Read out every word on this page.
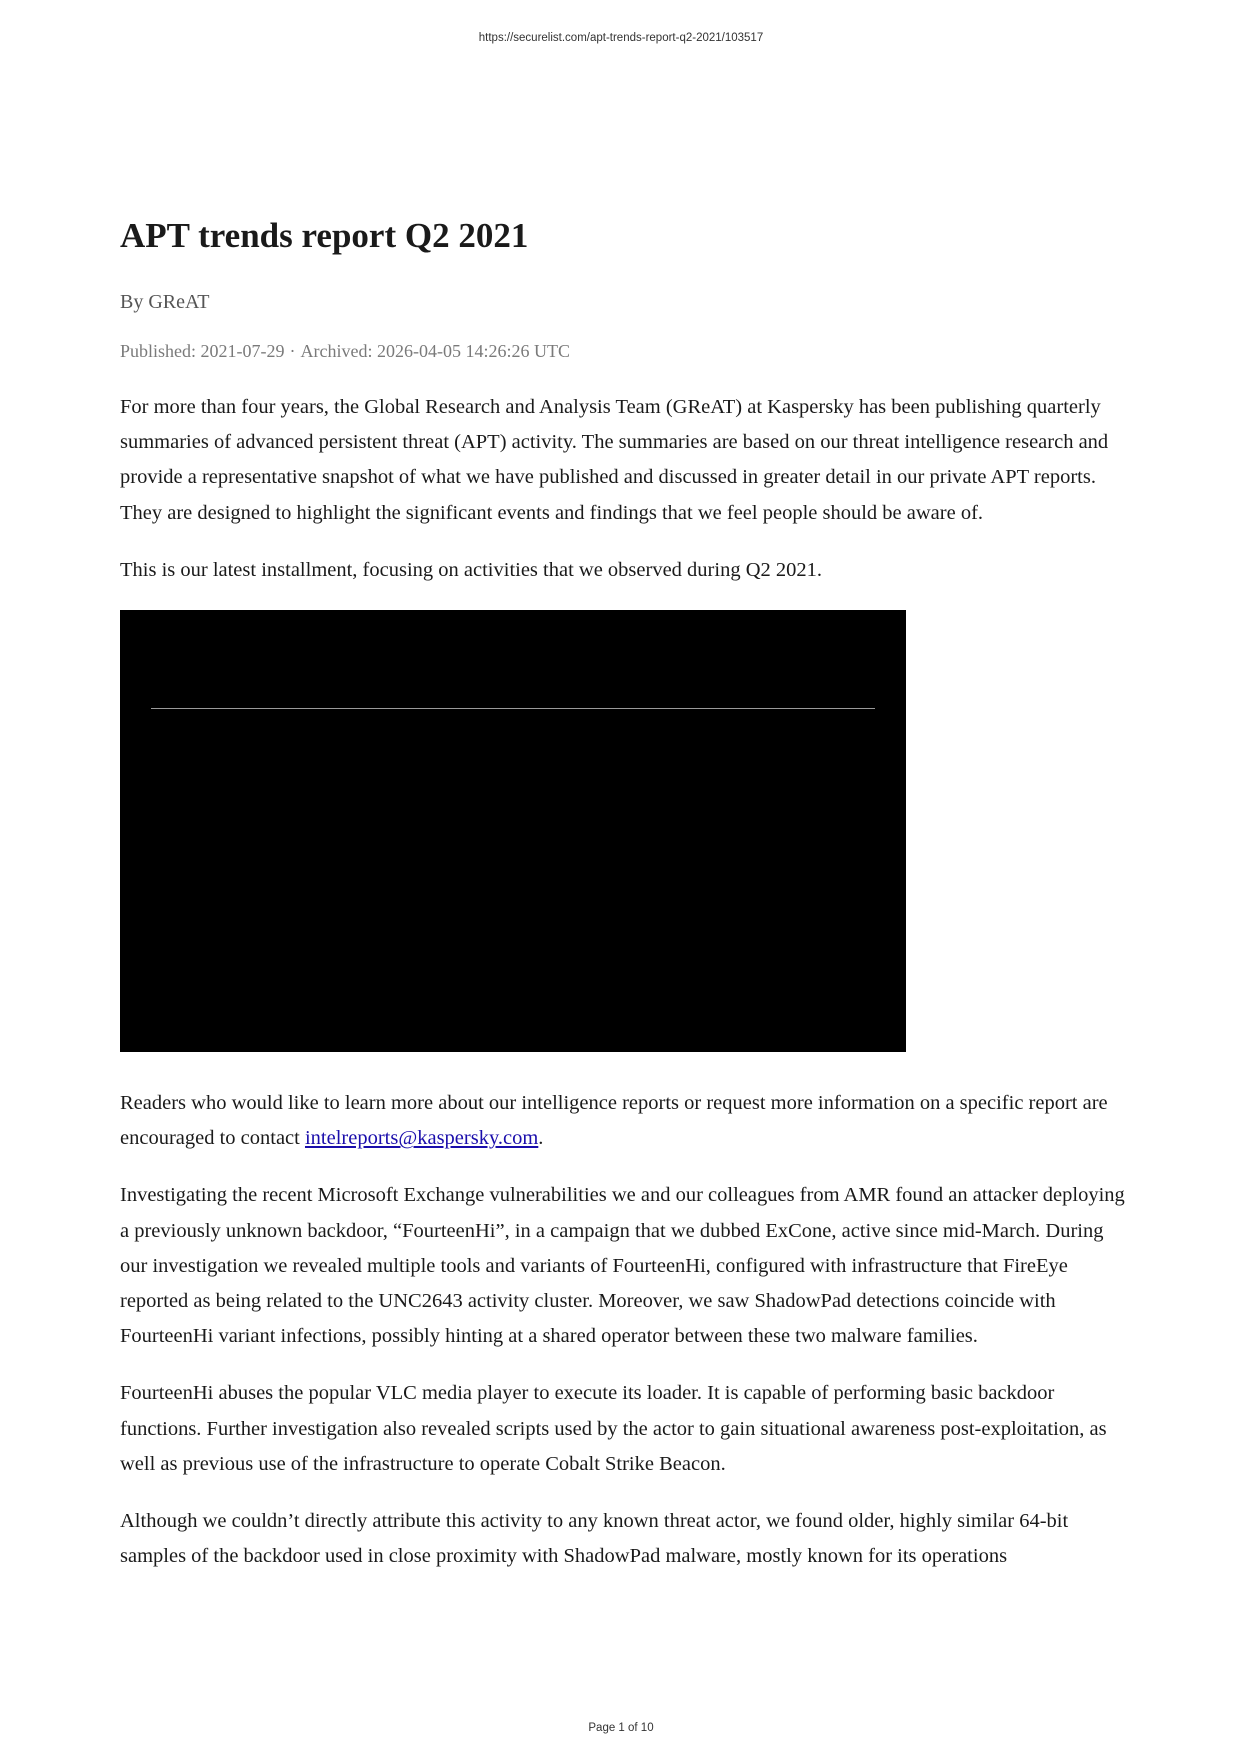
https://securelist.com/apt-trends-report-q2-2021/103517
APT trends report Q2 2021

By GReAT

Published: 2021-07-29 · Archived: 2026-04-05 14:26:26 UTC

For more than four years, the Global Research and Analysis Team (GReAT) at Kaspersky has been publishing quarterly summaries of advanced persistent threat (APT) activity. The summaries are based on our threat intelligence research and provide a representative snapshot of what we have published and discussed in greater detail in our private APT reports. They are designed to highlight the significant events and findings that we feel people should be aware of.

This is our latest installment, focusing on activities that we observed during Q2 2021.

Readers who would like to learn more about our intelligence reports or request more information on a specific report are encouraged to contact intelreports@kaspersky.com.

Investigating the recent Microsoft Exchange vulnerabilities we and our colleagues from AMR found an attacker deploying a previously unknown backdoor, “FourteenHi”, in a campaign that we dubbed ExCone, active since mid-March. During our investigation we revealed multiple tools and variants of FourteenHi, configured with infrastructure that FireEye reported as being related to the UNC2643 activity cluster. Moreover, we saw ShadowPad detections coincide with FourteenHi variant infections, possibly hinting at a shared operator between these two malware families.

FourteenHi abuses the popular VLC media player to execute its loader. It is capable of performing basic backdoor functions. Further investigation also revealed scripts used by the actor to gain situational awareness post-exploitation, as well as previous use of the infrastructure to operate Cobalt Strike Beacon.

Although we couldn’t directly attribute this activity to any known threat actor, we found older, highly similar 64-bit samples of the backdoor used in close proximity with ShadowPad malware, mostly known for its operations

Page 1 of 10
